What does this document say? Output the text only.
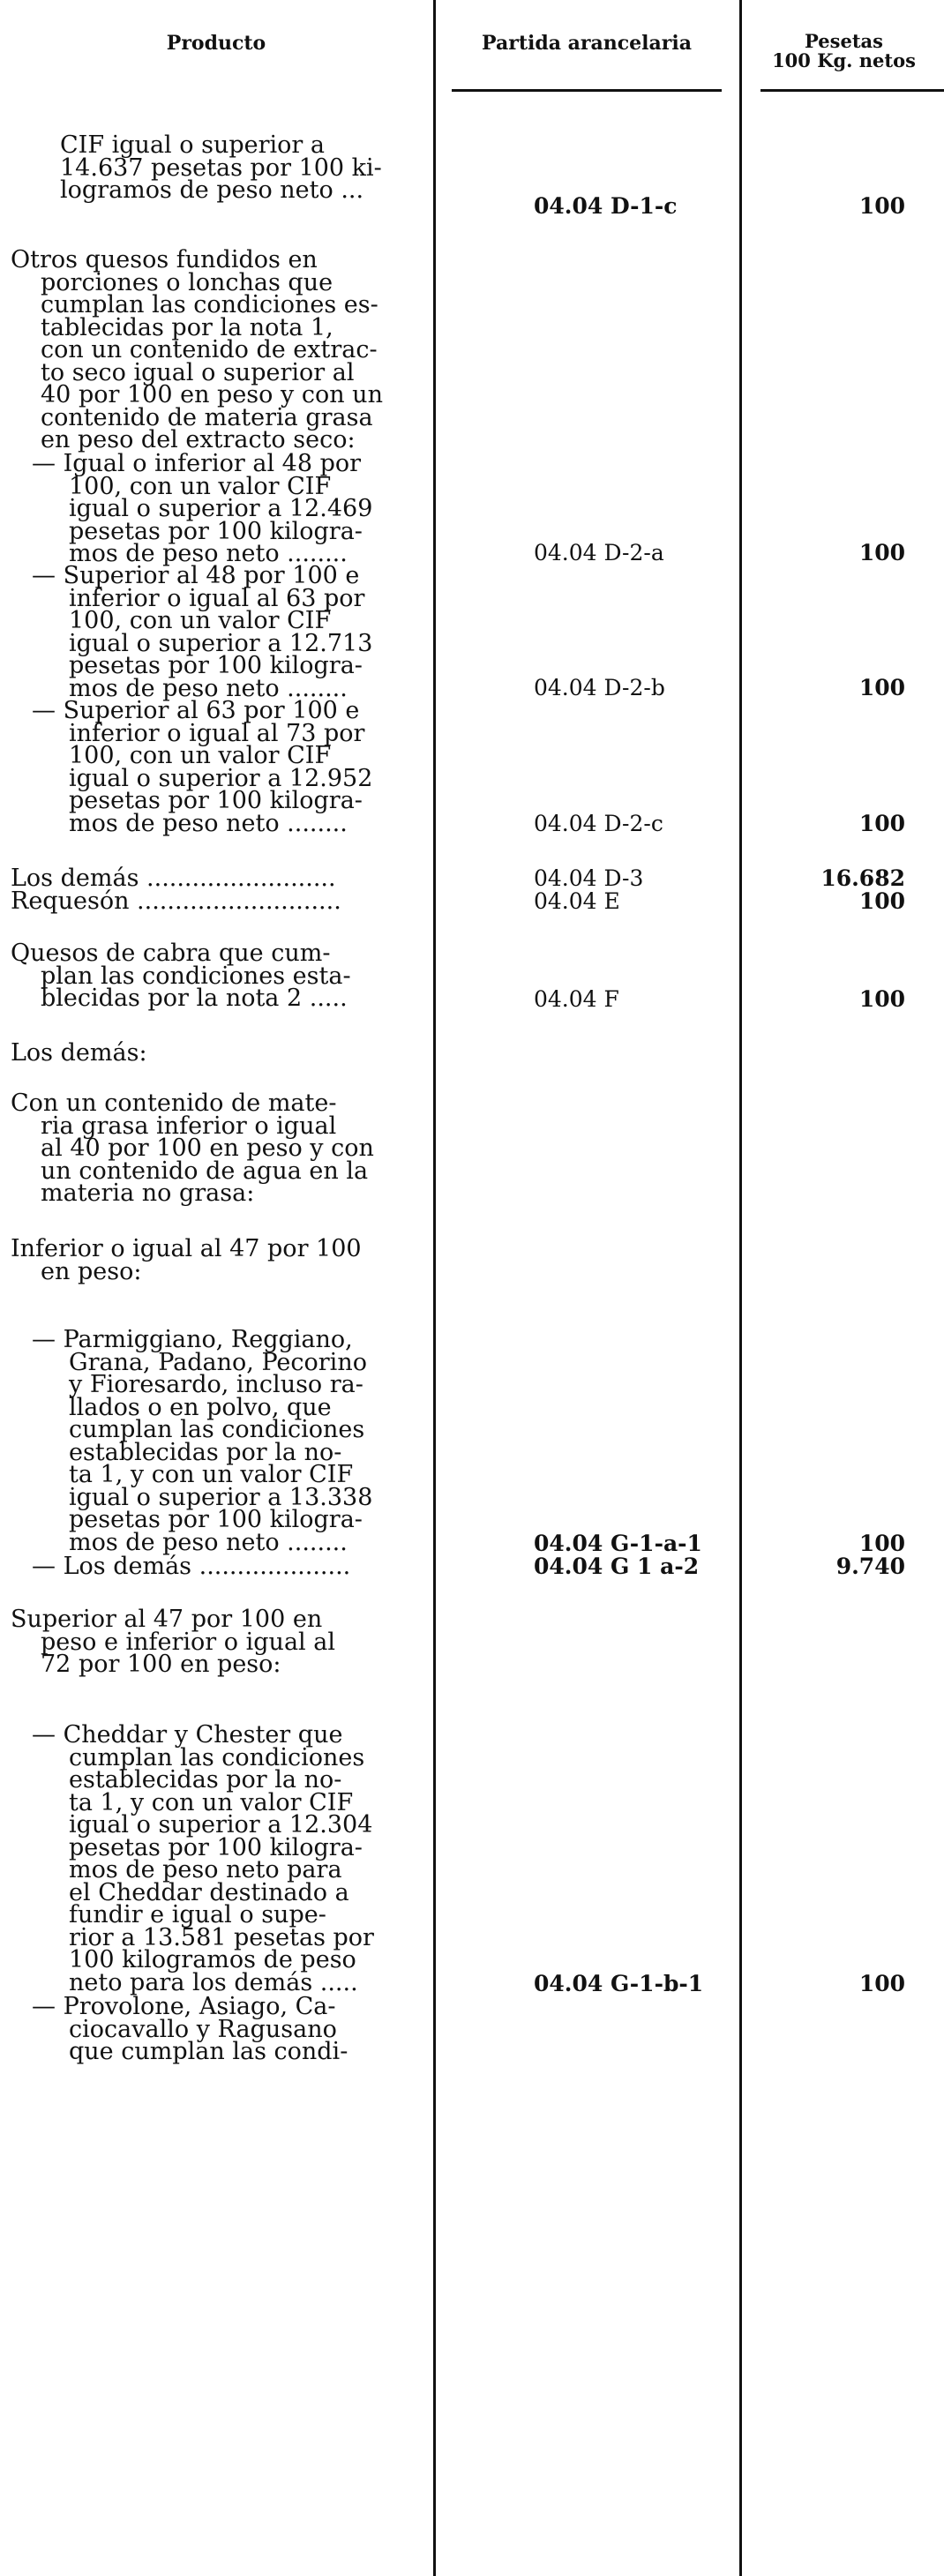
Producto	Partida arancelaria	Pesetas
100 Kg. netos
CIF igual o superior a
14.637 pesetas por 100 ki-
logramos de peso neto ...
04.04 D-1-c	100
Otros quesos fundidos en
porciones o lonchas que
cumplan las condiciones es-
tablecidas por la nota 1,
con un contenido de extrac-
to seco igual o superior al
40 por 100 en peso y con un
contenido de materia grasa
en peso del extracto seco:
— Igual o inferior al 48 por
100, con un valor CIF
igual o superior a 12.469
pesetas por 100 kilogra-
mos de peso neto ........	04.04 D-2-a	100
— Superior al 48 por 100 e
inferior o igual al 63 por
100, con un valor CIF
igual o superior a 12.713
pesetas por 100 kilogra-
mos de peso neto ........	04.04 D-2-b	100
— Superior al 63 por 100 e
inferior o igual al 73 por
100, con un valor CIF
igual o superior a 12.952
pesetas por 100 kilogra-
mos de peso neto ........	04.04 D-2-c	100
Los demás .........................	04.04 D-3	16.682
Requesón ...........................	04.04 E	100
Quesos de cabra que cum-
plan las condiciones esta-
blecidas por la nota 2 .....	04.04 F	100
Los demás:
Con un contenido de mate-
ria grasa inferior o igual
al 40 por 100 en peso y con
un contenido de agua en la
materia no grasa:
Inferior o igual al 47 por 100
en peso:
— Parmiggiano, Reggiano,
Grana, Padano, Pecorino
y Fioresardo, incluso ra-
llados o en polvo, que
cumplan las condiciones
establecidas por la no-
ta 1, y con un valor CIF
igual o superior a 13.338
pesetas por 100 kilogra-
mos de peso neto ........	04.04 G-1-a-1	100
— Los demás ....................	04.04 G 1 a-2	9.740
Superior al 47 por 100 en
peso e inferior o igual al
72 por 100 en peso:
— Cheddar y Chester que
cumplan las condiciones
establecidas por la no-
ta 1, y con un valor CIF
igual o superior a 12.304
pesetas por 100 kilogra-
mos de peso neto para
el Cheddar destinado a
fundir e igual o supe-
rior a 13.581 pesetas por
100 kilogramos de peso
neto para los demás .....	04.04 G-1-b-1	100
— Provolone, Asiago, Ca-
ciocavallo y Ragusano
que cumplan las condi-
